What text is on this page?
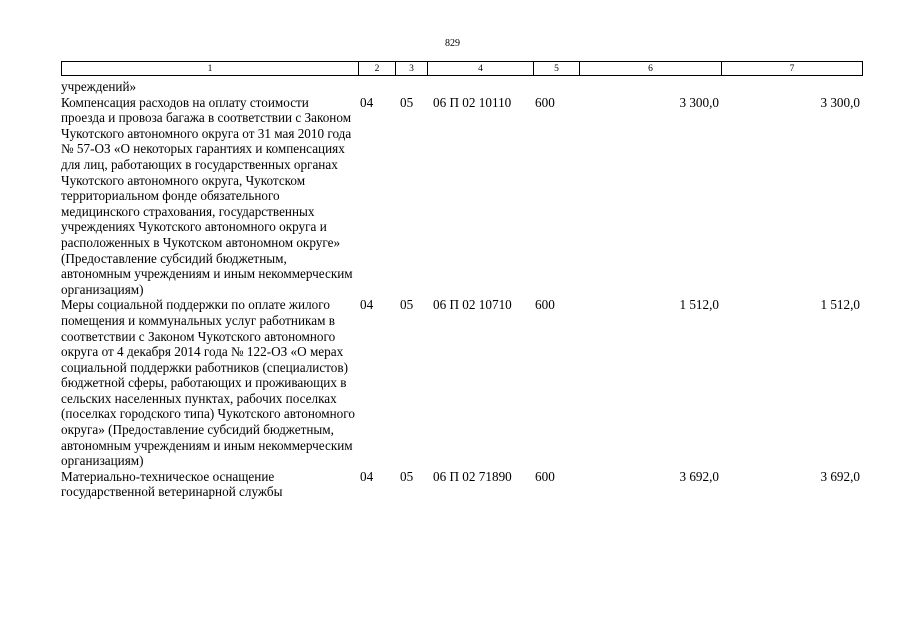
829
1	2	3	4	5	6	7
учреждений»
Компенсация расходов на оплату стоимости проезда и провоза багажа в соответствии с Законом Чукотского автономного округа от 31 мая 2010 года № 57-ОЗ «О некоторых гарантиях и компенсациях для лиц, работающих в государственных органах Чукотского автономного округа, Чукотском территориальном фонде обязательного медицинского страхования, государственных учреждениях Чукотского автономного округа и расположенных в Чукотском автономном округе» (Предоставление субсидий бюджетным, автономным учреждениям и иным некоммерческим организациям)
04	05	06 П 02 10110	600	3 300,0	3 300,0
Меры социальной поддержки по оплате жилого помещения и коммунальных услуг работникам в соответствии с Законом Чукотского автономного округа от 4 декабря 2014 года № 122-ОЗ «О мерах социальной поддержки работников (специалистов) бюджетной сферы, работающих и проживающих в сельских населенных пунктах, рабочих поселках (поселках городского типа) Чукотского автономного округа» (Предоставление субсидий бюджетным, автономным учреждениям и иным некоммерческим организациям)
04	05	06 П 02 10710	600	1 512,0	1 512,0
Материально-техническое оснащение государственной ветеринарной службы
04	05	06 П 02 71890	600	3 692,0	3 692,0
